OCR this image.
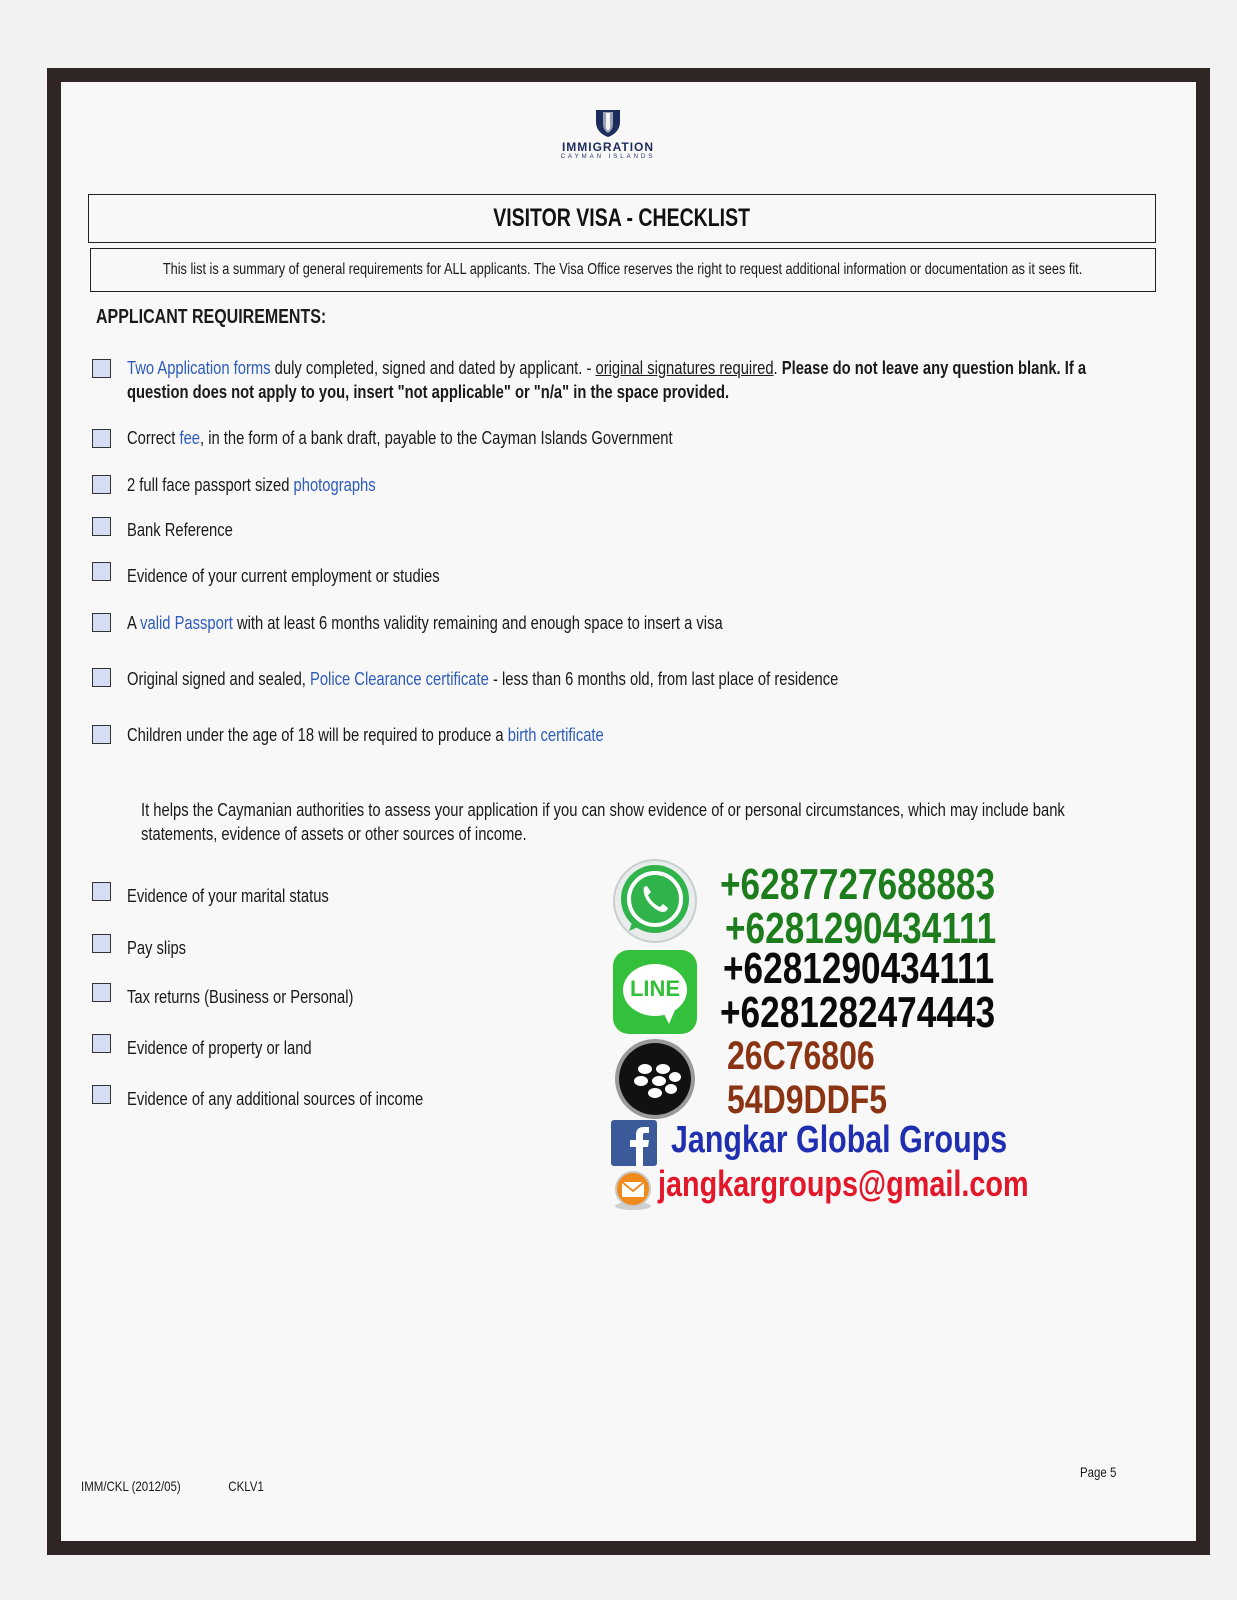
IMMIGRATION
CAYMAN ISLANDS
VISITOR VISA - CHECKLIST
This list is a summary of general requirements for ALL applicants. The Visa Office reserves the right to request additional information or documentation as it sees fit.
APPLICANT REQUIREMENTS:
Two Application forms duly completed, signed and dated by applicant. - original signatures required. Please do not leave any question blank. If a
question does not apply to you, insert "not applicable" or "n/a" in the space provided.
Correct fee, in the form of a bank draft, payable to the Cayman Islands Government
2 full face passport sized photographs
Bank Reference
Evidence of your current employment or studies
A valid Passport with at least 6 months validity remaining and enough space to insert a visa
Original signed and sealed, Police Clearance certificate - less than 6 months old, from last place of residence
Children under the age of 18 will be required to produce a birth certificate
It helps the Caymanian authorities to assess your application if you can show evidence of or personal circumstances, which may include bank
statements, evidence of assets or other sources of income.
Evidence of your marital status
Pay slips
Tax returns (Business or Personal)
Evidence of property or land
Evidence of any additional sources of income
+6287727688883
+6281290434111
LINE +6281290434111
+6281282474443
26C76806
54D9DDF5
Jangkar Global Groups
jangkargroups@gmail.com
IMM/CKL (2012/05)	CKLV1
Page 5
